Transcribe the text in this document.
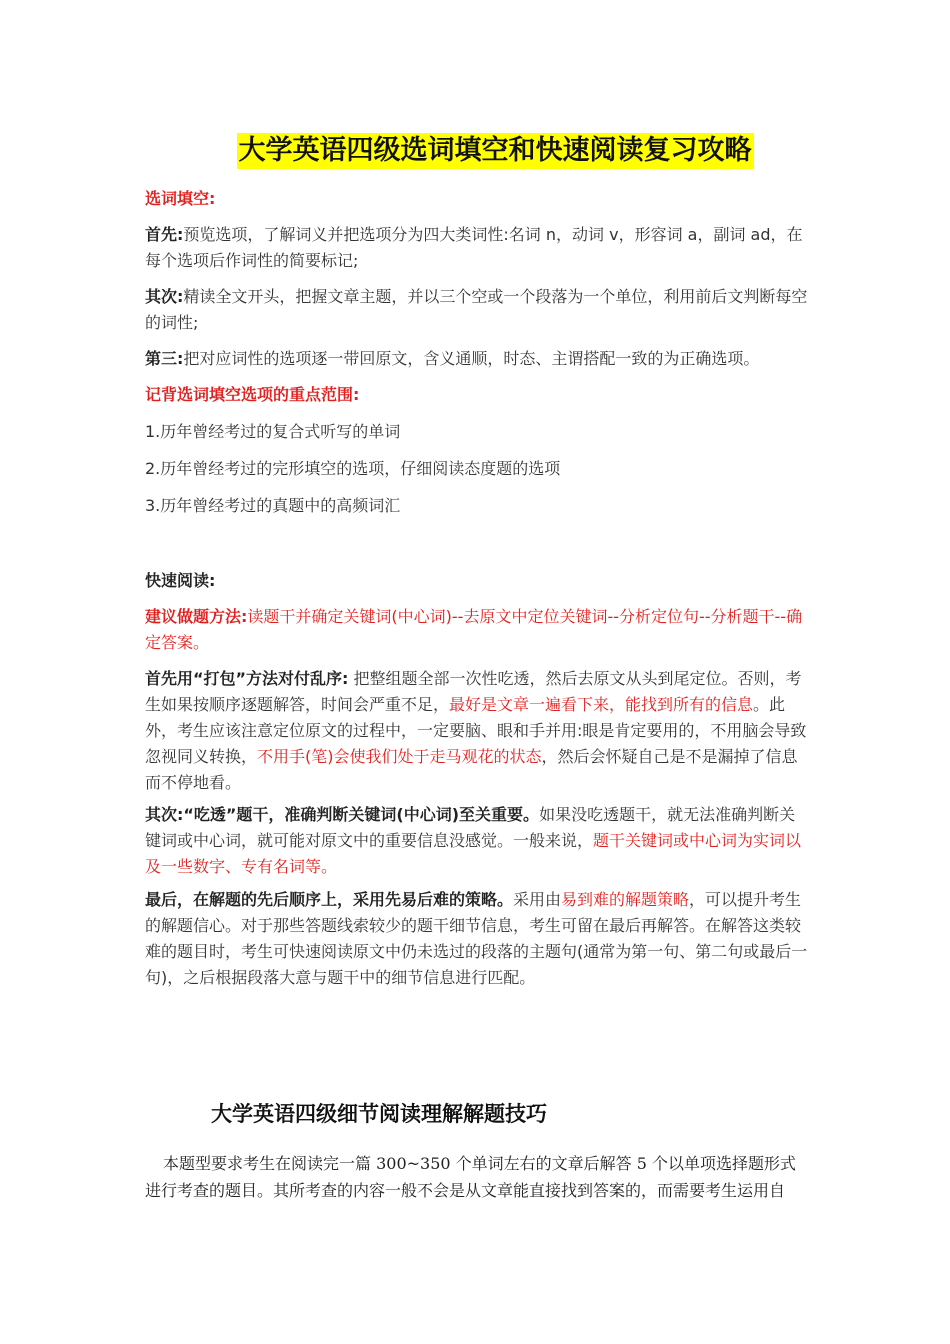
大学英语四级选词填空和快速阅读复习攻略

选词填空:

首先:预览选项，了解词义并把选项分为四大类词性:名词 n，动词 v，形容词 a，副词 ad，在每个选项后作词性的简要标记;

其次:精读全文开头，把握文章主题，并以三个空或一个段落为一个单位，利用前后文判断每空的词性;

第三:把对应词性的选项逐一带回原文，含义通顺，时态、主谓搭配一致的为正确选项。

记背选词填空选项的重点范围:

1.历年曾经考过的复合式听写的单词

2.历年曾经考过的完形填空的选项，仔细阅读态度题的选项

3.历年曾经考过的真题中的高频词汇

快速阅读:

建议做题方法:读题干并确定关键词(中心词)--去原文中定位关键词--分析定位句--分析题干--确定答案。

首先用“打包”方法对付乱序: 把整组题全部一次性吃透，然后去原文从头到尾定位。否则，考生如果按顺序逐题解答，时间会严重不足，最好是文章一遍看下来，能找到所有的信息。此外，考生应该注意定位原文的过程中，一定要脑、眼和手并用:眼是肯定要用的，不用脑会导致忽视同义转换，不用手(笔)会使我们处于走马观花的状态，然后会怀疑自己是不是漏掉了信息而不停地看。

其次:“吃透”题干，准确判断关键词(中心词)至关重要。如果没吃透题干，就无法准确判断关键词或中心词，就可能对原文中的重要信息没感觉。一般来说，题干关键词或中心词为实词以及一些数字、专有名词等。

最后，在解题的先后顺序上，采用先易后难的策略。采用由易到难的解题策略，可以提升考生的解题信心。对于那些答题线索较少的题干细节信息，考生可留在最后再解答。在解答这类较难的题目时，考生可快速阅读原文中仍未选过的段落的主题句(通常为第一句、第二句或最后一句)，之后根据段落大意与题干中的细节信息进行匹配。

大学英语四级细节阅读理解解题技巧

本题型要求考生在阅读完一篇 300~350 个单词左右的文章后解答 5 个以单项选择题形式进行考查的题目。其所考查的内容一般不会是从文章能直接找到答案的，而需要考生运用自
